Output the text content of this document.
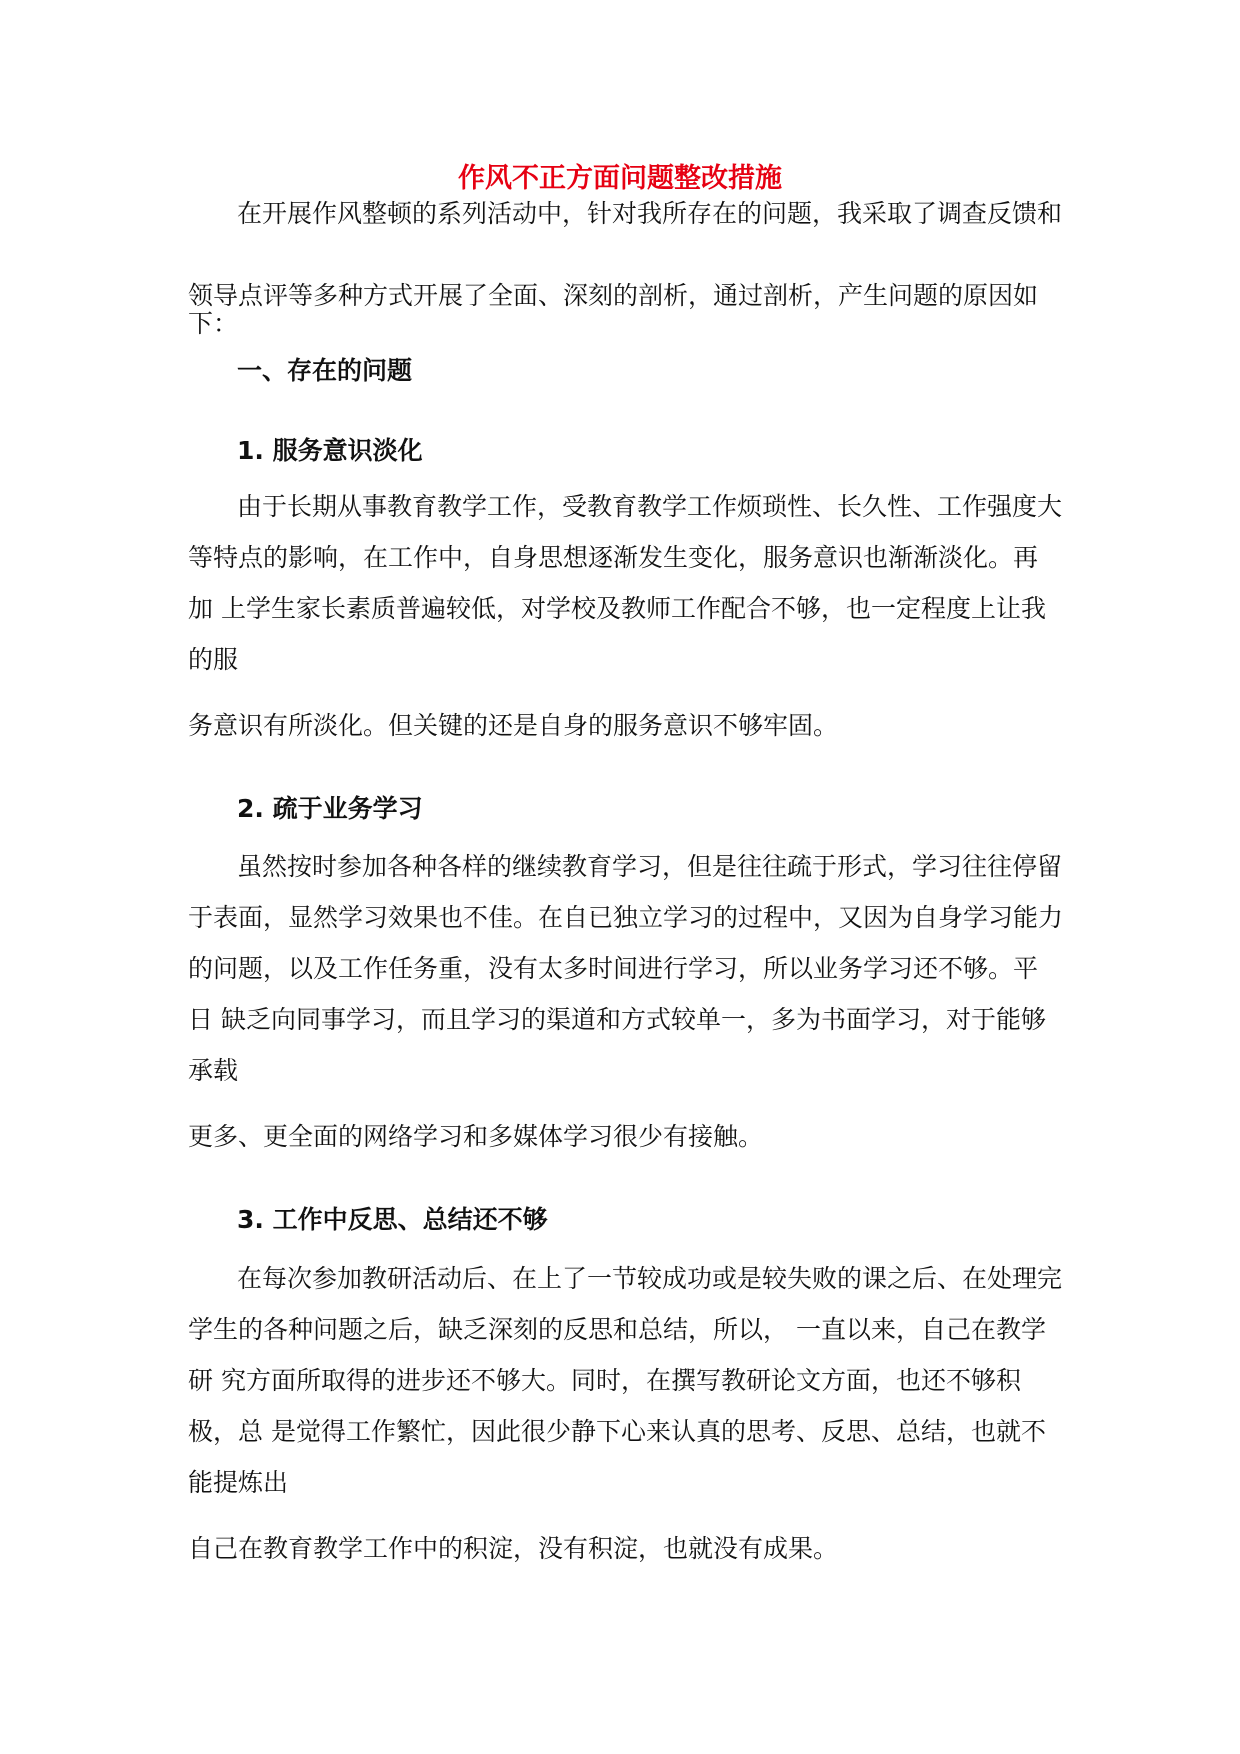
作风不正方面问题整改措施

在开展作风整顿的系列活动中，针对我所存在的问题，我采取了调查反馈和

领导点评等多种方式开展了全面、深刻的剖析，通过剖析，产生问题的原因如

下：

一、存在的问题
1. 服务意识淡化

由于长期从事教育教学工作，受教育教学工作烦琐性、长久性、工作强度大

等特点的影响，在工作中，自身思想逐渐发生变化，服务意识也渐渐淡化。再

加 上学生家长素质普遍较低，对学校及教师工作配合不够，也一定程度上让我

的服

务意识有所淡化。但关键的还是自身的服务意识不够牢固。

2. 疏于业务学习

虽然按时参加各种各样的继续教育学习，但是往往疏于形式，学习往往停留

于表面，显然学习效果也不佳。在自已独立学习的过程中，又因为自身学习能力

的问题，以及工作任务重，没有太多时间进行学习，所以业务学习还不够。平

日 缺乏向同事学习，而且学习的渠道和方式较单一，多为书面学习，对于能够

承载

更多、更全面的网络学习和多媒体学习很少有接触。

3. 工作中反思、总结还不够

在每次参加教研活动后、在上了一节较成功或是较失败的课之后、在处理完

学生的各种问题之后，缺乏深刻的反思和总结，所以， 一直以来，自己在教学

研 究方面所取得的进步还不够大。同时，在撰写教研论文方面，也还不够积

极，总 是觉得工作繁忙，因此很少静下心来认真的思考、反思、总结，也就不

能提炼出

自己在教育教学工作中的积淀，没有积淀，也就没有成果。
